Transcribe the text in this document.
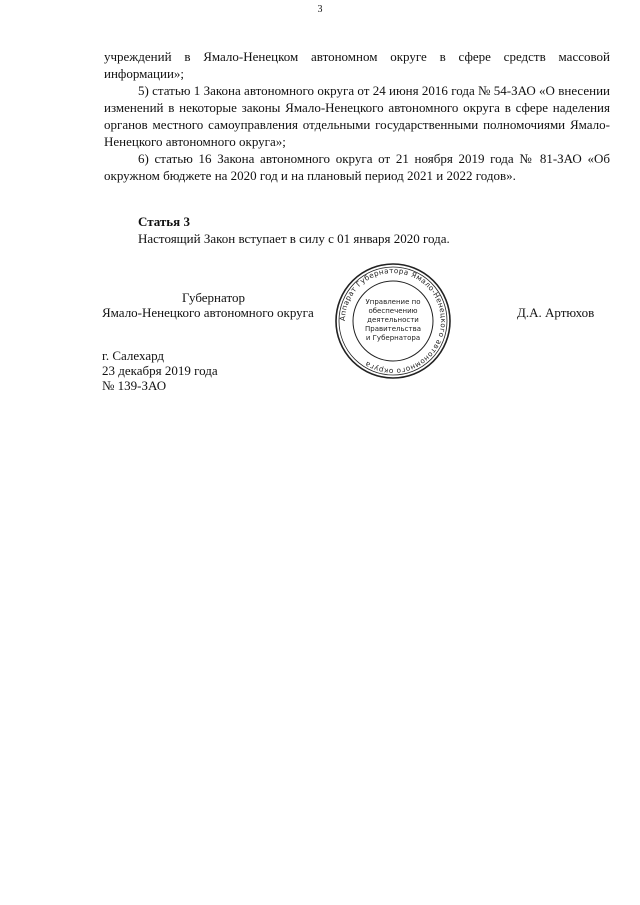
3

учреждений в Ямало-Ненецком автономном округе в сфере средств массовой информации»;

5) статью 1 Закона автономного округа от 24 июня 2016 года № 54-ЗАО «О внесении изменений в некоторые законы Ямало-Ненецкого автономного округа в сфере наделения органов местного самоуправления отдельными государственными полномочиями Ямало-Ненецкого автономного округа»;

6) статью 16 Закона автономного округа от 21 ноября 2019 года № 81-ЗАО «Об окружном бюджете на 2020 год и на плановый период 2021 и 2022 годов».

Статья 3
Настоящий Закон вступает в силу с 01 января 2020 года.
Губернатор
Ямало-Ненецкого автономного округа	Д.А. Артюхов
Аппарат Губернатора Ямало-Ненецкого автономного округа
Управление по
обеспечению
деятельности
Правительства
и Губернатора
г. Салехард
23 декабря 2019 года
№ 139-ЗАО
